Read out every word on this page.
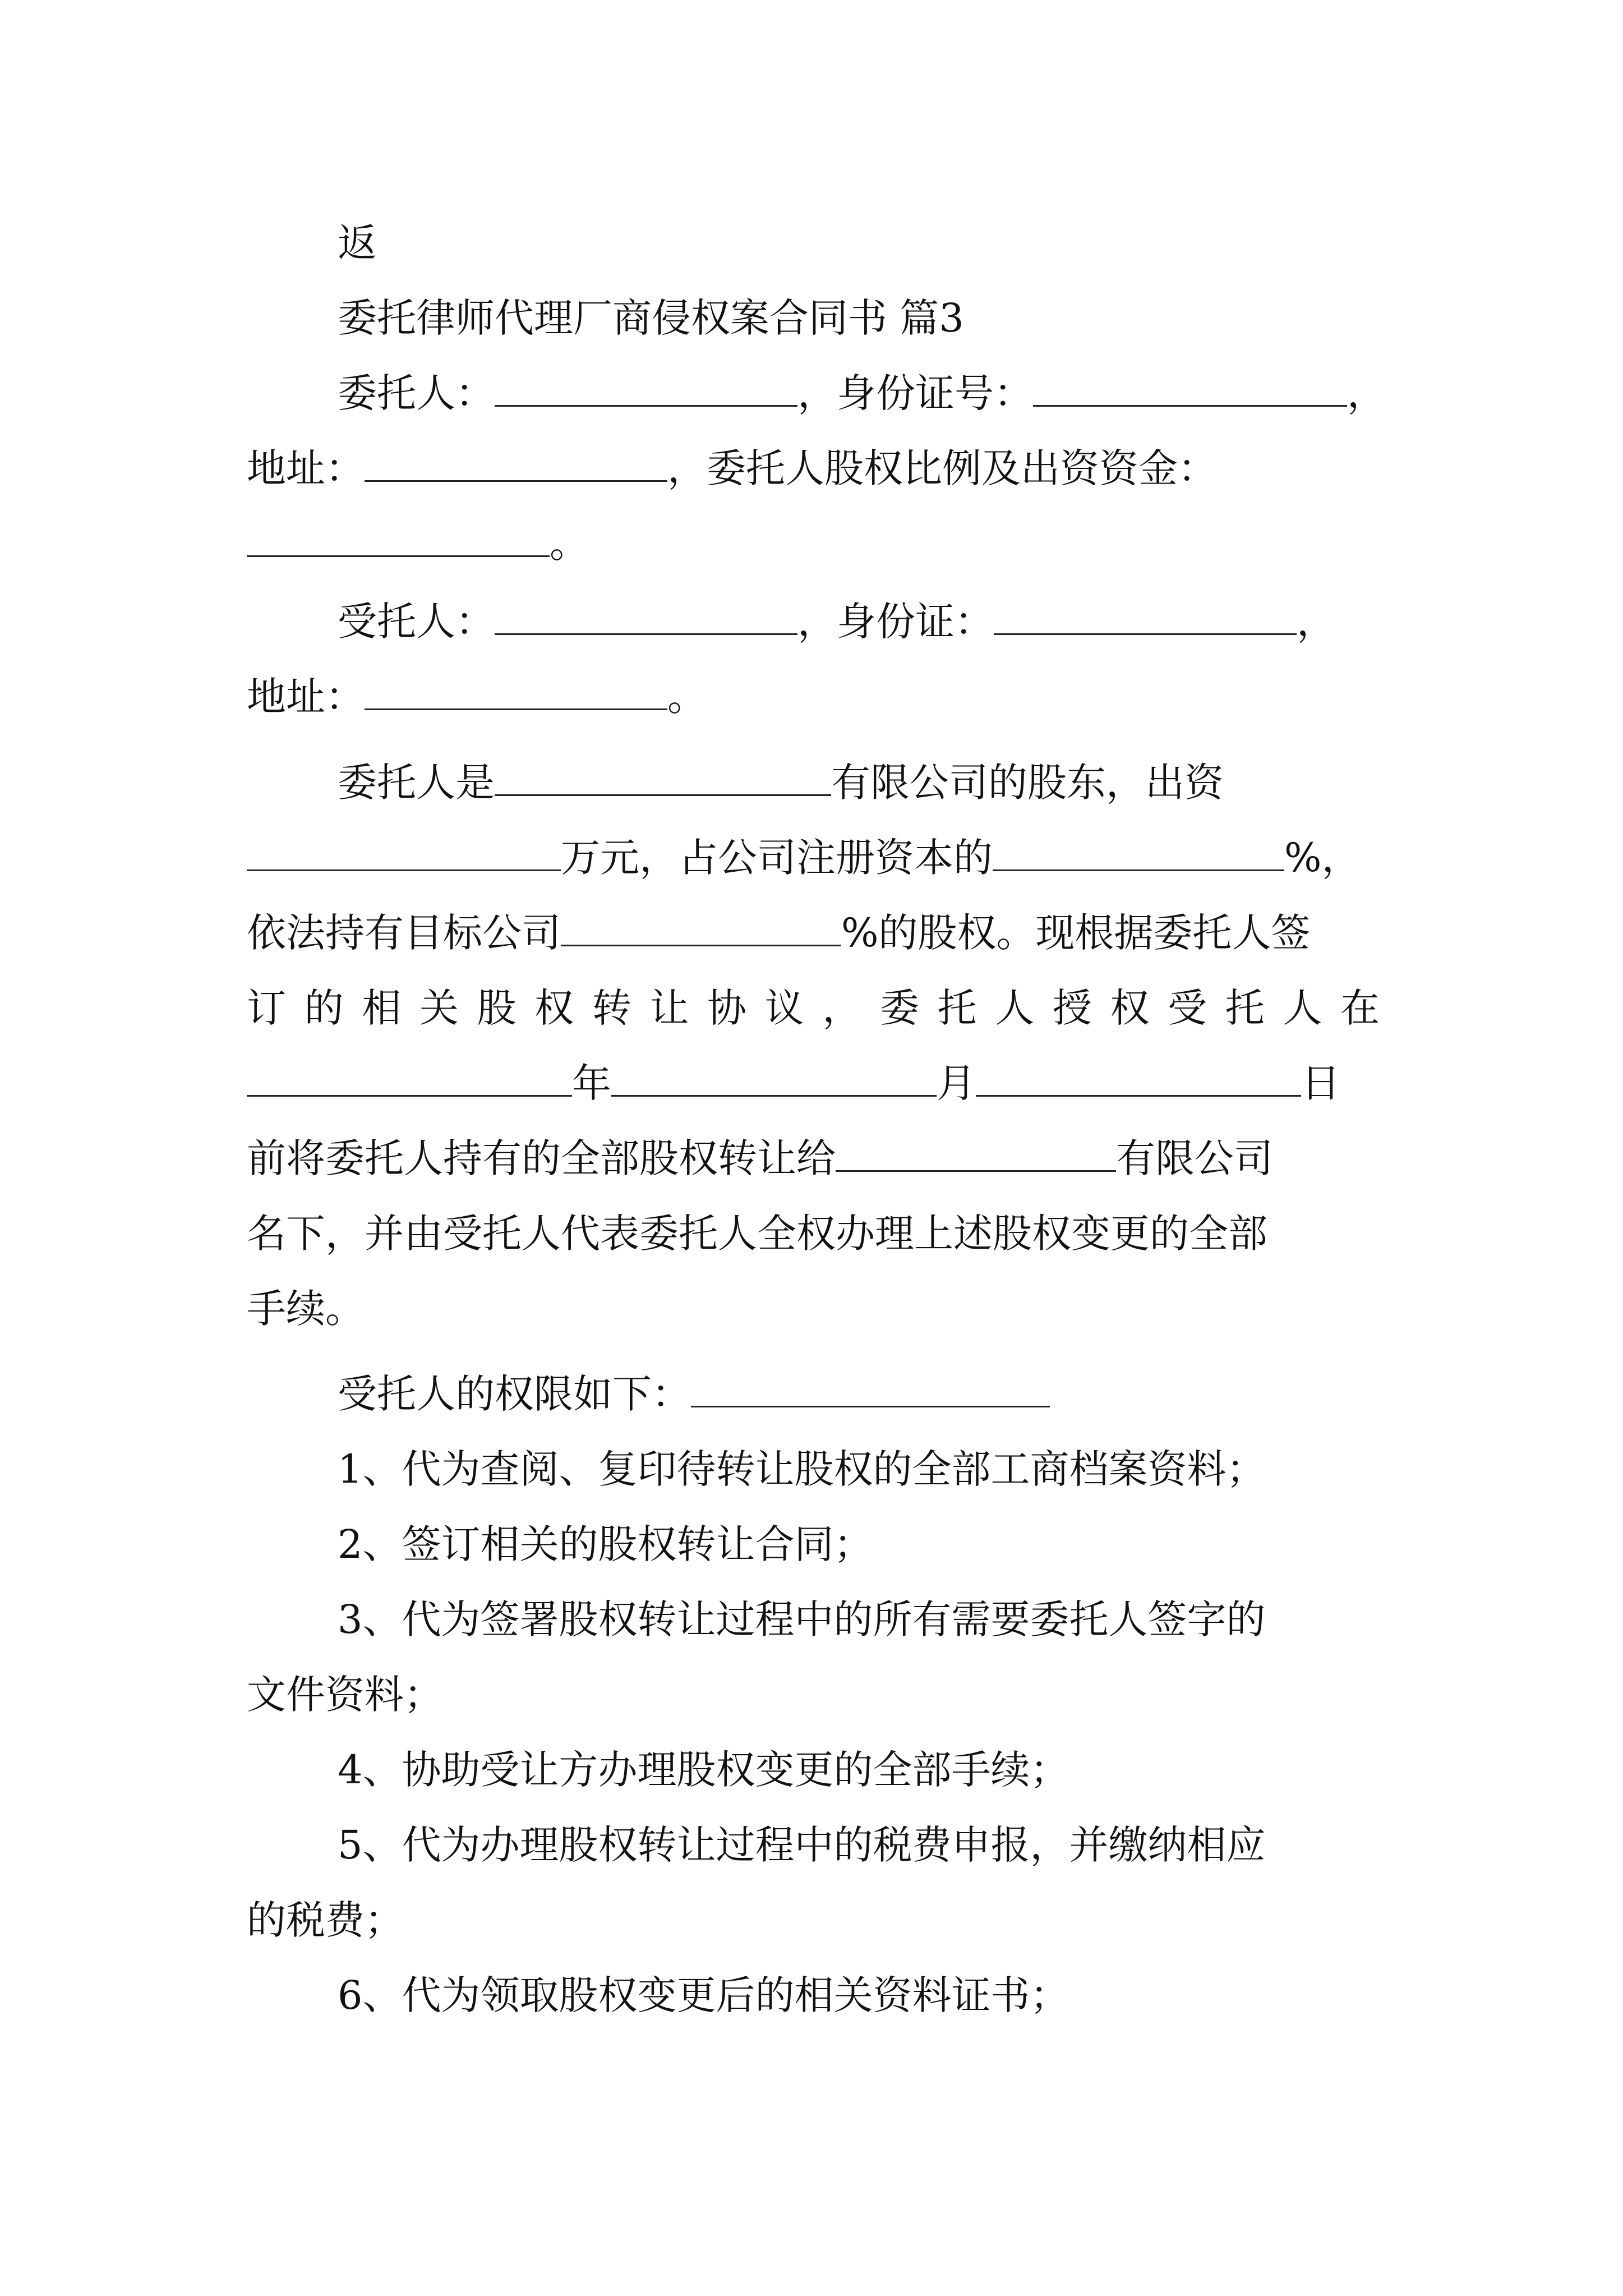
返
委托律师代理厂商侵权案合同书 篇3
委托人：	，身份证号：	，
地址：	，委托人股权比例及出资资金：
。
受托人：	，身份证：	，
地址：	。
委托人是	有限公司的股东，出资
万元，占公司注册资本的	%，
依法持有目标公司	%的股权。现根据委托人签
订的相关股权转让协议，委托人授权受托人在
年	月	日
前将委托人持有的全部股权转让给	有限公司
名下，并由受托人代表委托人全权办理上述股权变更的全部
手续。
受托人的权限如下：
1、代为查阅、复印待转让股权的全部工商档案资料；
2、签订相关的股权转让合同；
3、代为签署股权转让过程中的所有需要委托人签字的
文件资料；
4、协助受让方办理股权变更的全部手续；
5、代为办理股权转让过程中的税费申报，并缴纳相应
的税费；
6、代为领取股权变更后的相关资料证书；
